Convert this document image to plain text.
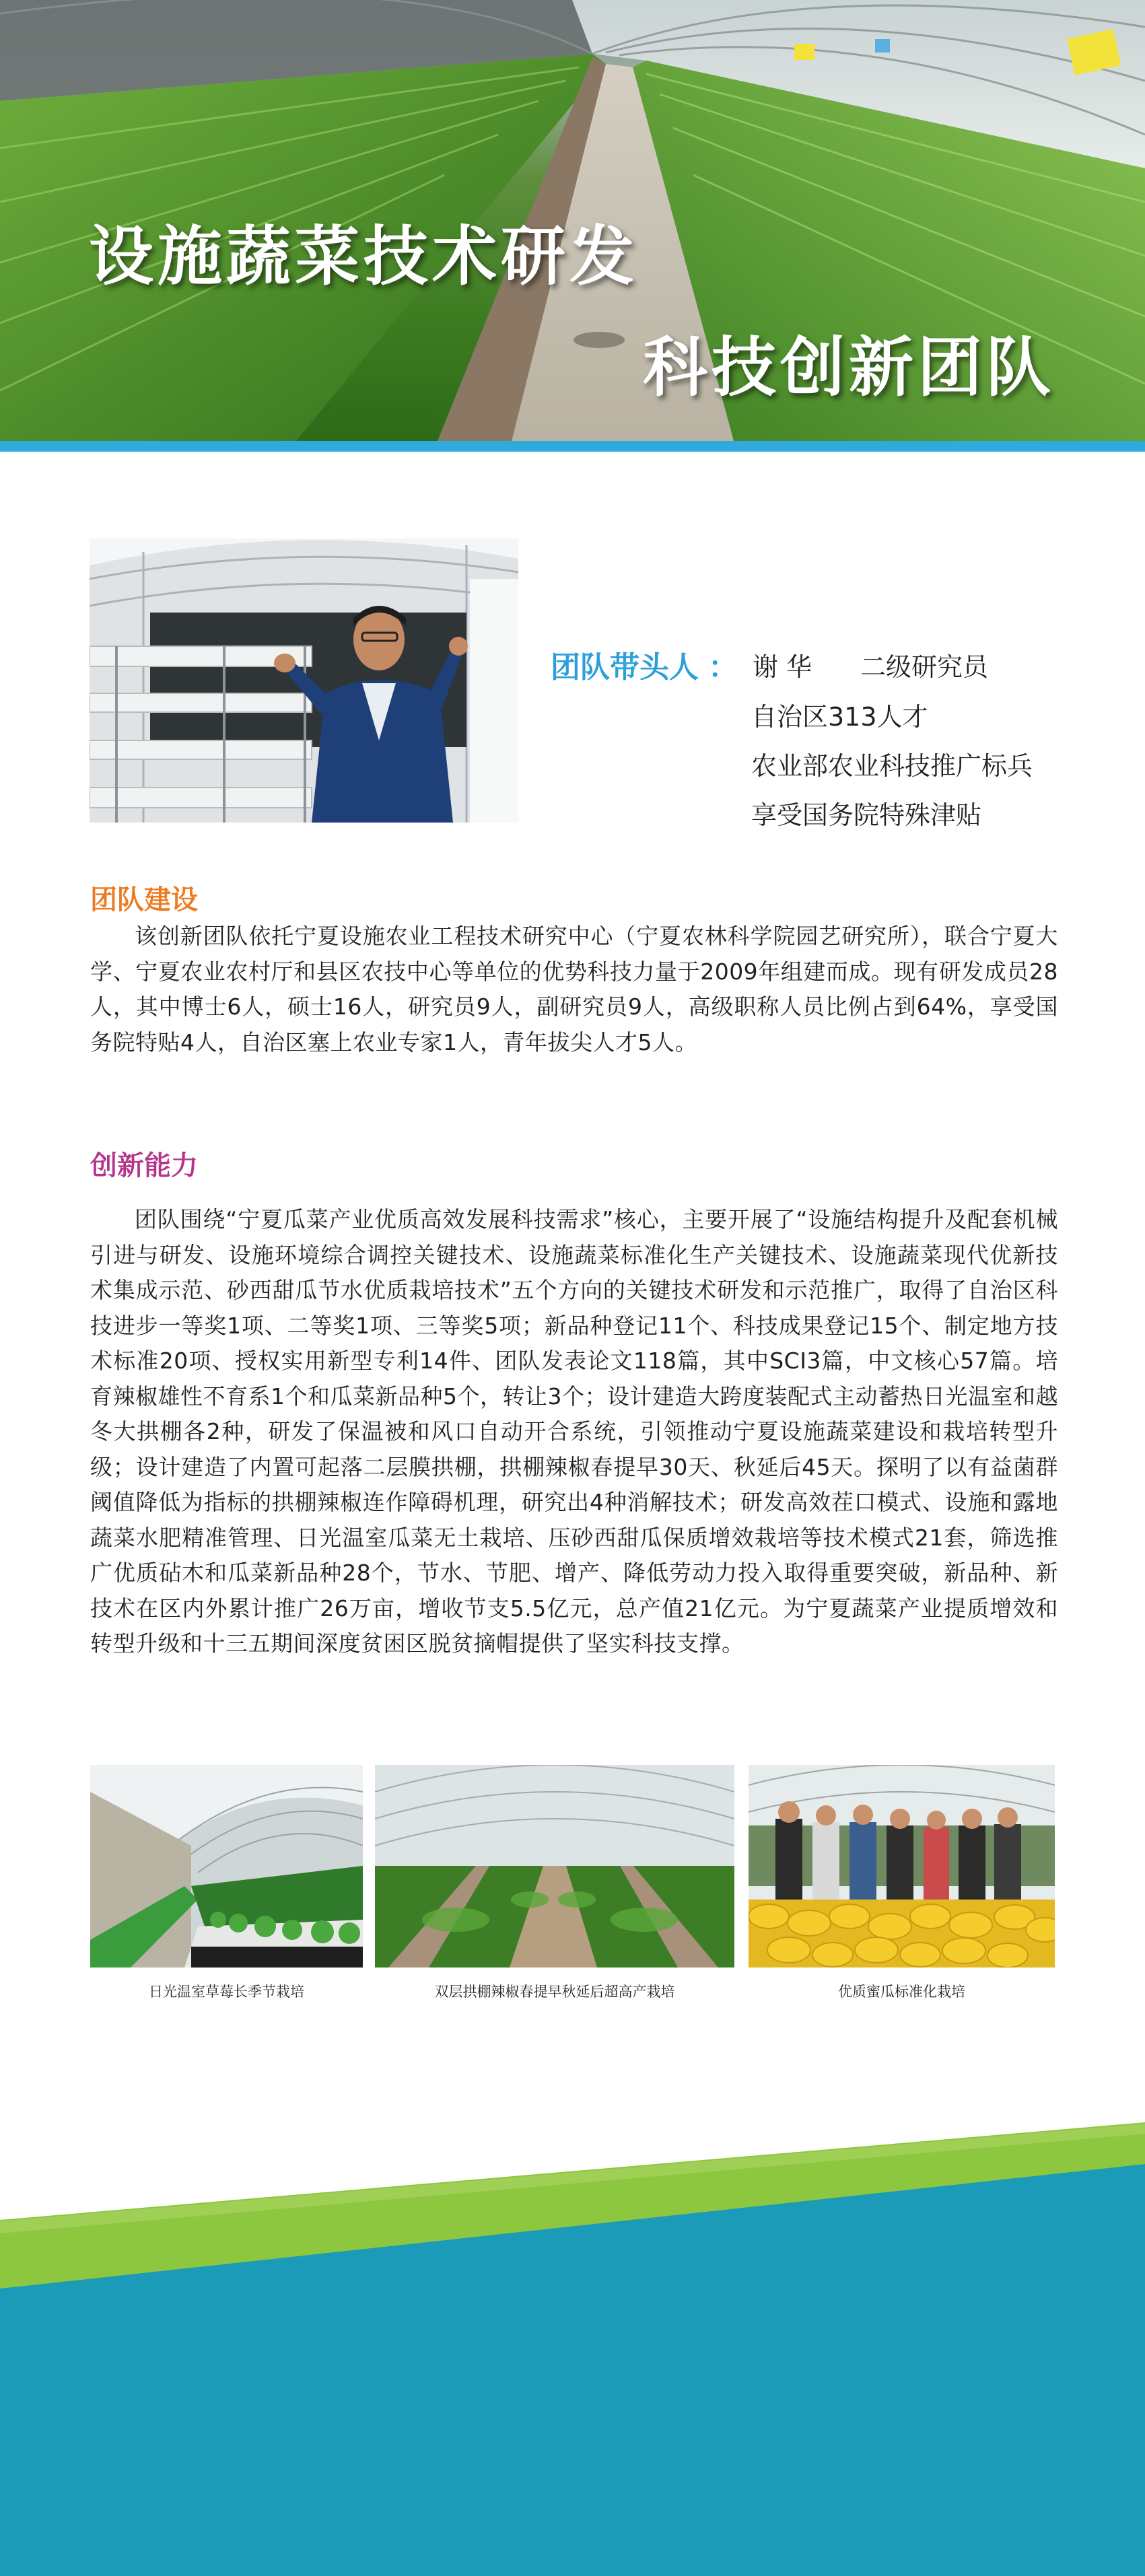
设施蔬菜技术研发
科技创新团队
团队带头人 ： 谢 华 二级研究员
自治区313人才
农业部农业科技推广标兵
享受国务院特殊津贴
团队建设

该创新团队依托宁夏设施农业工程技术研究中心（宁夏农林科学院园艺研究所），联合宁夏大学、宁夏农业农村厅和县区农技中心等单位的优势科技力量于2009年组建而成。现有研发成员28人，其中博士6人，硕士16人，研究员9人，副研究员9人，高级职称人员比例占到64%，享受国务院特贴4人，自治区塞上农业专家1人，青年拔尖人才5人。

创新能力

团队围绕“宁夏瓜菜产业优质高效发展科技需求”核心，主要开展了“设施结构提升及配套机械引进与研发、设施环境综合调控关键技术、设施蔬菜标准化生产关键技术、设施蔬菜现代优新技术集成示范、砂西甜瓜节水优质栽培技术”五个方向的关键技术研发和示范推广，取得了自治区科技进步一等奖1项、二等奖1项、三等奖5项；新品种登记11个、科技成果登记15个、制定地方技术标准20项、授权实用新型专利14件、团队发表论文118篇，其中SCI3篇，中文核心57篇。培育辣椒雄性不育系1个和瓜菜新品种5个，转让3个；设计建造大跨度装配式主动蓄热日光温室和越冬大拱棚各2种，研发了保温被和风口自动开合系统，引领推动宁夏设施蔬菜建设和栽培转型升级；设计建造了内置可起落二层膜拱棚，拱棚辣椒春提早30天、秋延后45天。探明了以有益菌群阈值降低为指标的拱棚辣椒连作障碍机理，研究出4种消解技术；研发高效茬口模式、设施和露地蔬菜水肥精准管理、日光温室瓜菜无土栽培、压砂西甜瓜保质增效栽培等技术模式21套，筛选推广优质砧木和瓜菜新品种28个，节水、节肥、增产、降低劳动力投入取得重要突破，新品种、新技术在区内外累计推广26万亩，增收节支5.5亿元，总产值21亿元。为宁夏蔬菜产业提质增效和转型升级和十三五期间深度贫困区脱贫摘帽提供了坚实科技支撑。

日光温室草莓长季节栽培	双层拱棚辣椒春提早秋延后超高产栽培	优质蜜瓜标准化栽培
